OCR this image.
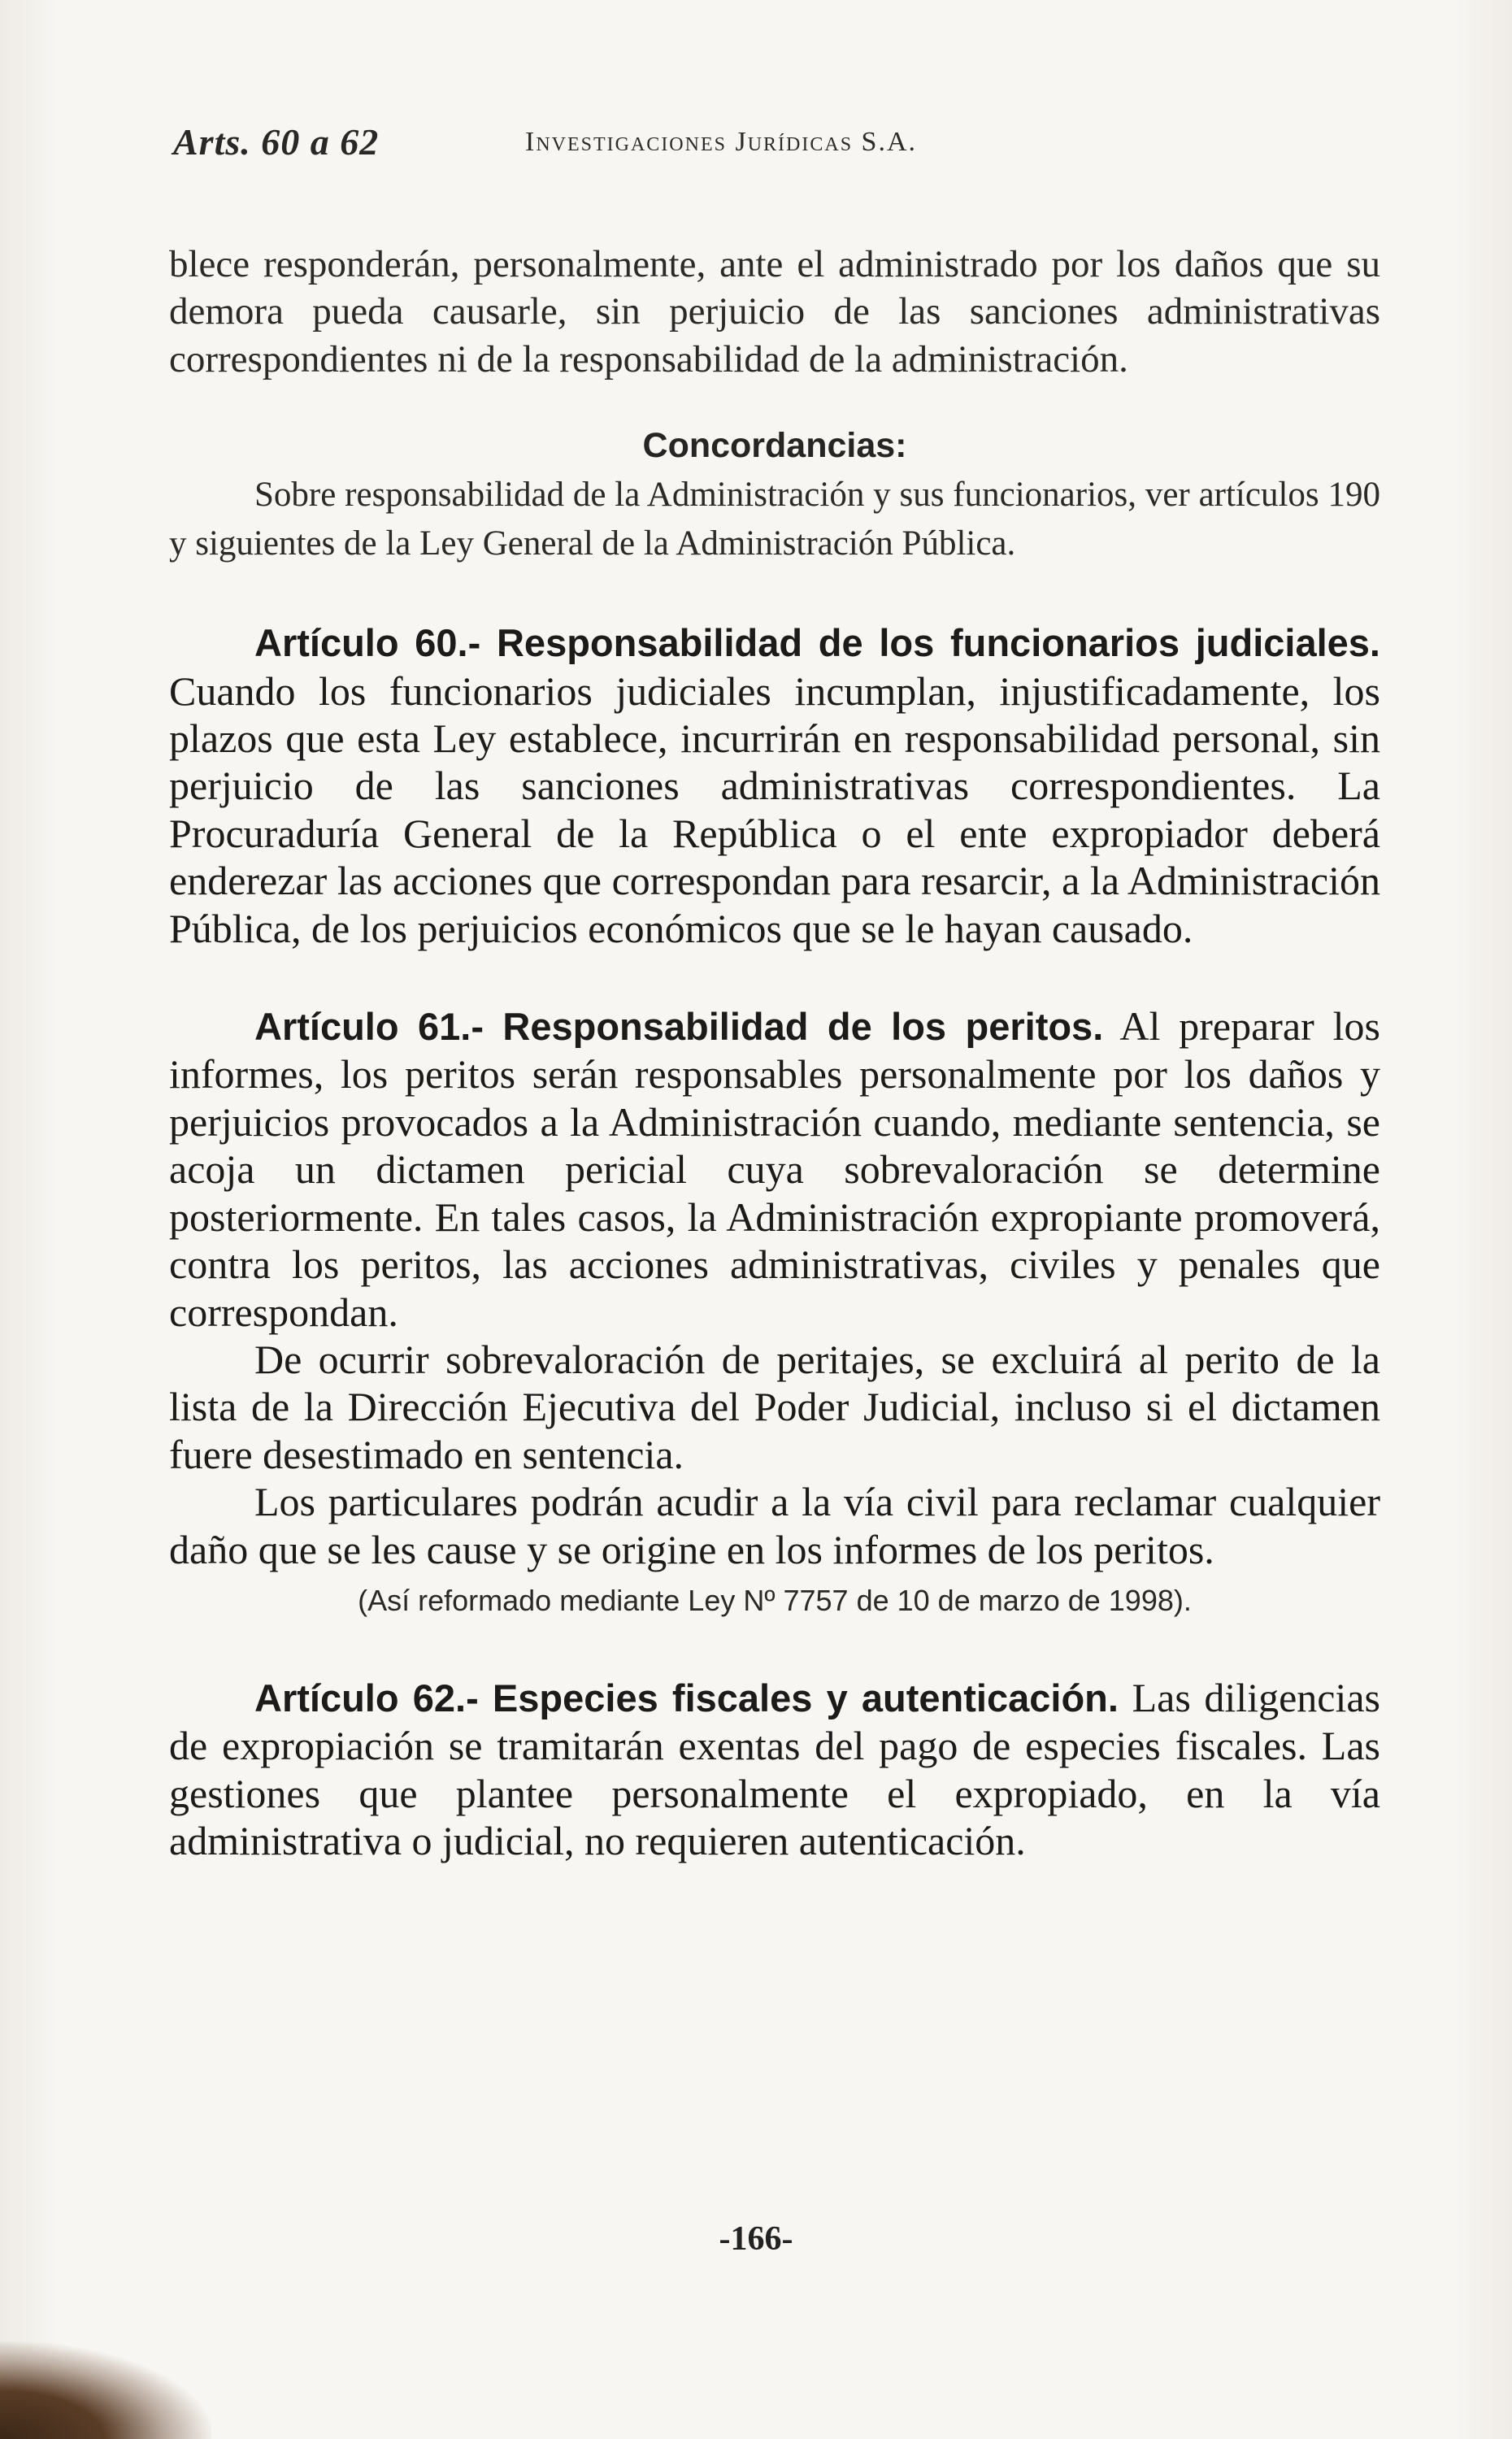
Arts. 60 a 62	Investigaciones Jurídicas S.A.

blece responderán, personalmente, ante el administrado por los daños que su demora pueda causarle, sin perjuicio de las sanciones administrativas correspondientes ni de la responsabilidad de la administración.

Concordancias:

Sobre responsabilidad de la Administración y sus funcionarios, ver artículos 190 y siguientes de la Ley General de la Administración Pública.

Artículo 60.- Responsabilidad de los funcionarios judiciales. Cuando los funcionarios judiciales incumplan, injustificadamente, los plazos que esta Ley establece, incurrirán en responsabilidad personal, sin perjuicio de las sanciones administrativas correspondientes. La Procuraduría General de la República o el ente expropiador deberá enderezar las acciones que correspondan para resarcir, a la Administración Pública, de los perjuicios económicos que se le hayan causado.

Artículo 61.- Responsabilidad de los peritos. Al preparar los informes, los peritos serán responsables personalmente por los daños y perjuicios provocados a la Administración cuando, mediante sentencia, se acoja un dictamen pericial cuya sobrevaloración se determine posteriormente. En tales casos, la Administración expropiante promoverá, contra los peritos, las acciones administrativas, civiles y penales que correspondan.

De ocurrir sobrevaloración de peritajes, se excluirá al perito de la lista de la Dirección Ejecutiva del Poder Judicial, incluso si el dictamen fuere desestimado en sentencia.

Los particulares podrán acudir a la vía civil para reclamar cualquier daño que se les cause y se origine en los informes de los peritos.

(Así reformado mediante Ley Nº 7757 de 10 de marzo de 1998).

Artículo 62.- Especies fiscales y autenticación. Las diligencias de expropiación se tramitarán exentas del pago de especies fiscales. Las gestiones que plantee personalmente el expropiado, en la vía administrativa o judicial, no requieren autenticación.

-166-
